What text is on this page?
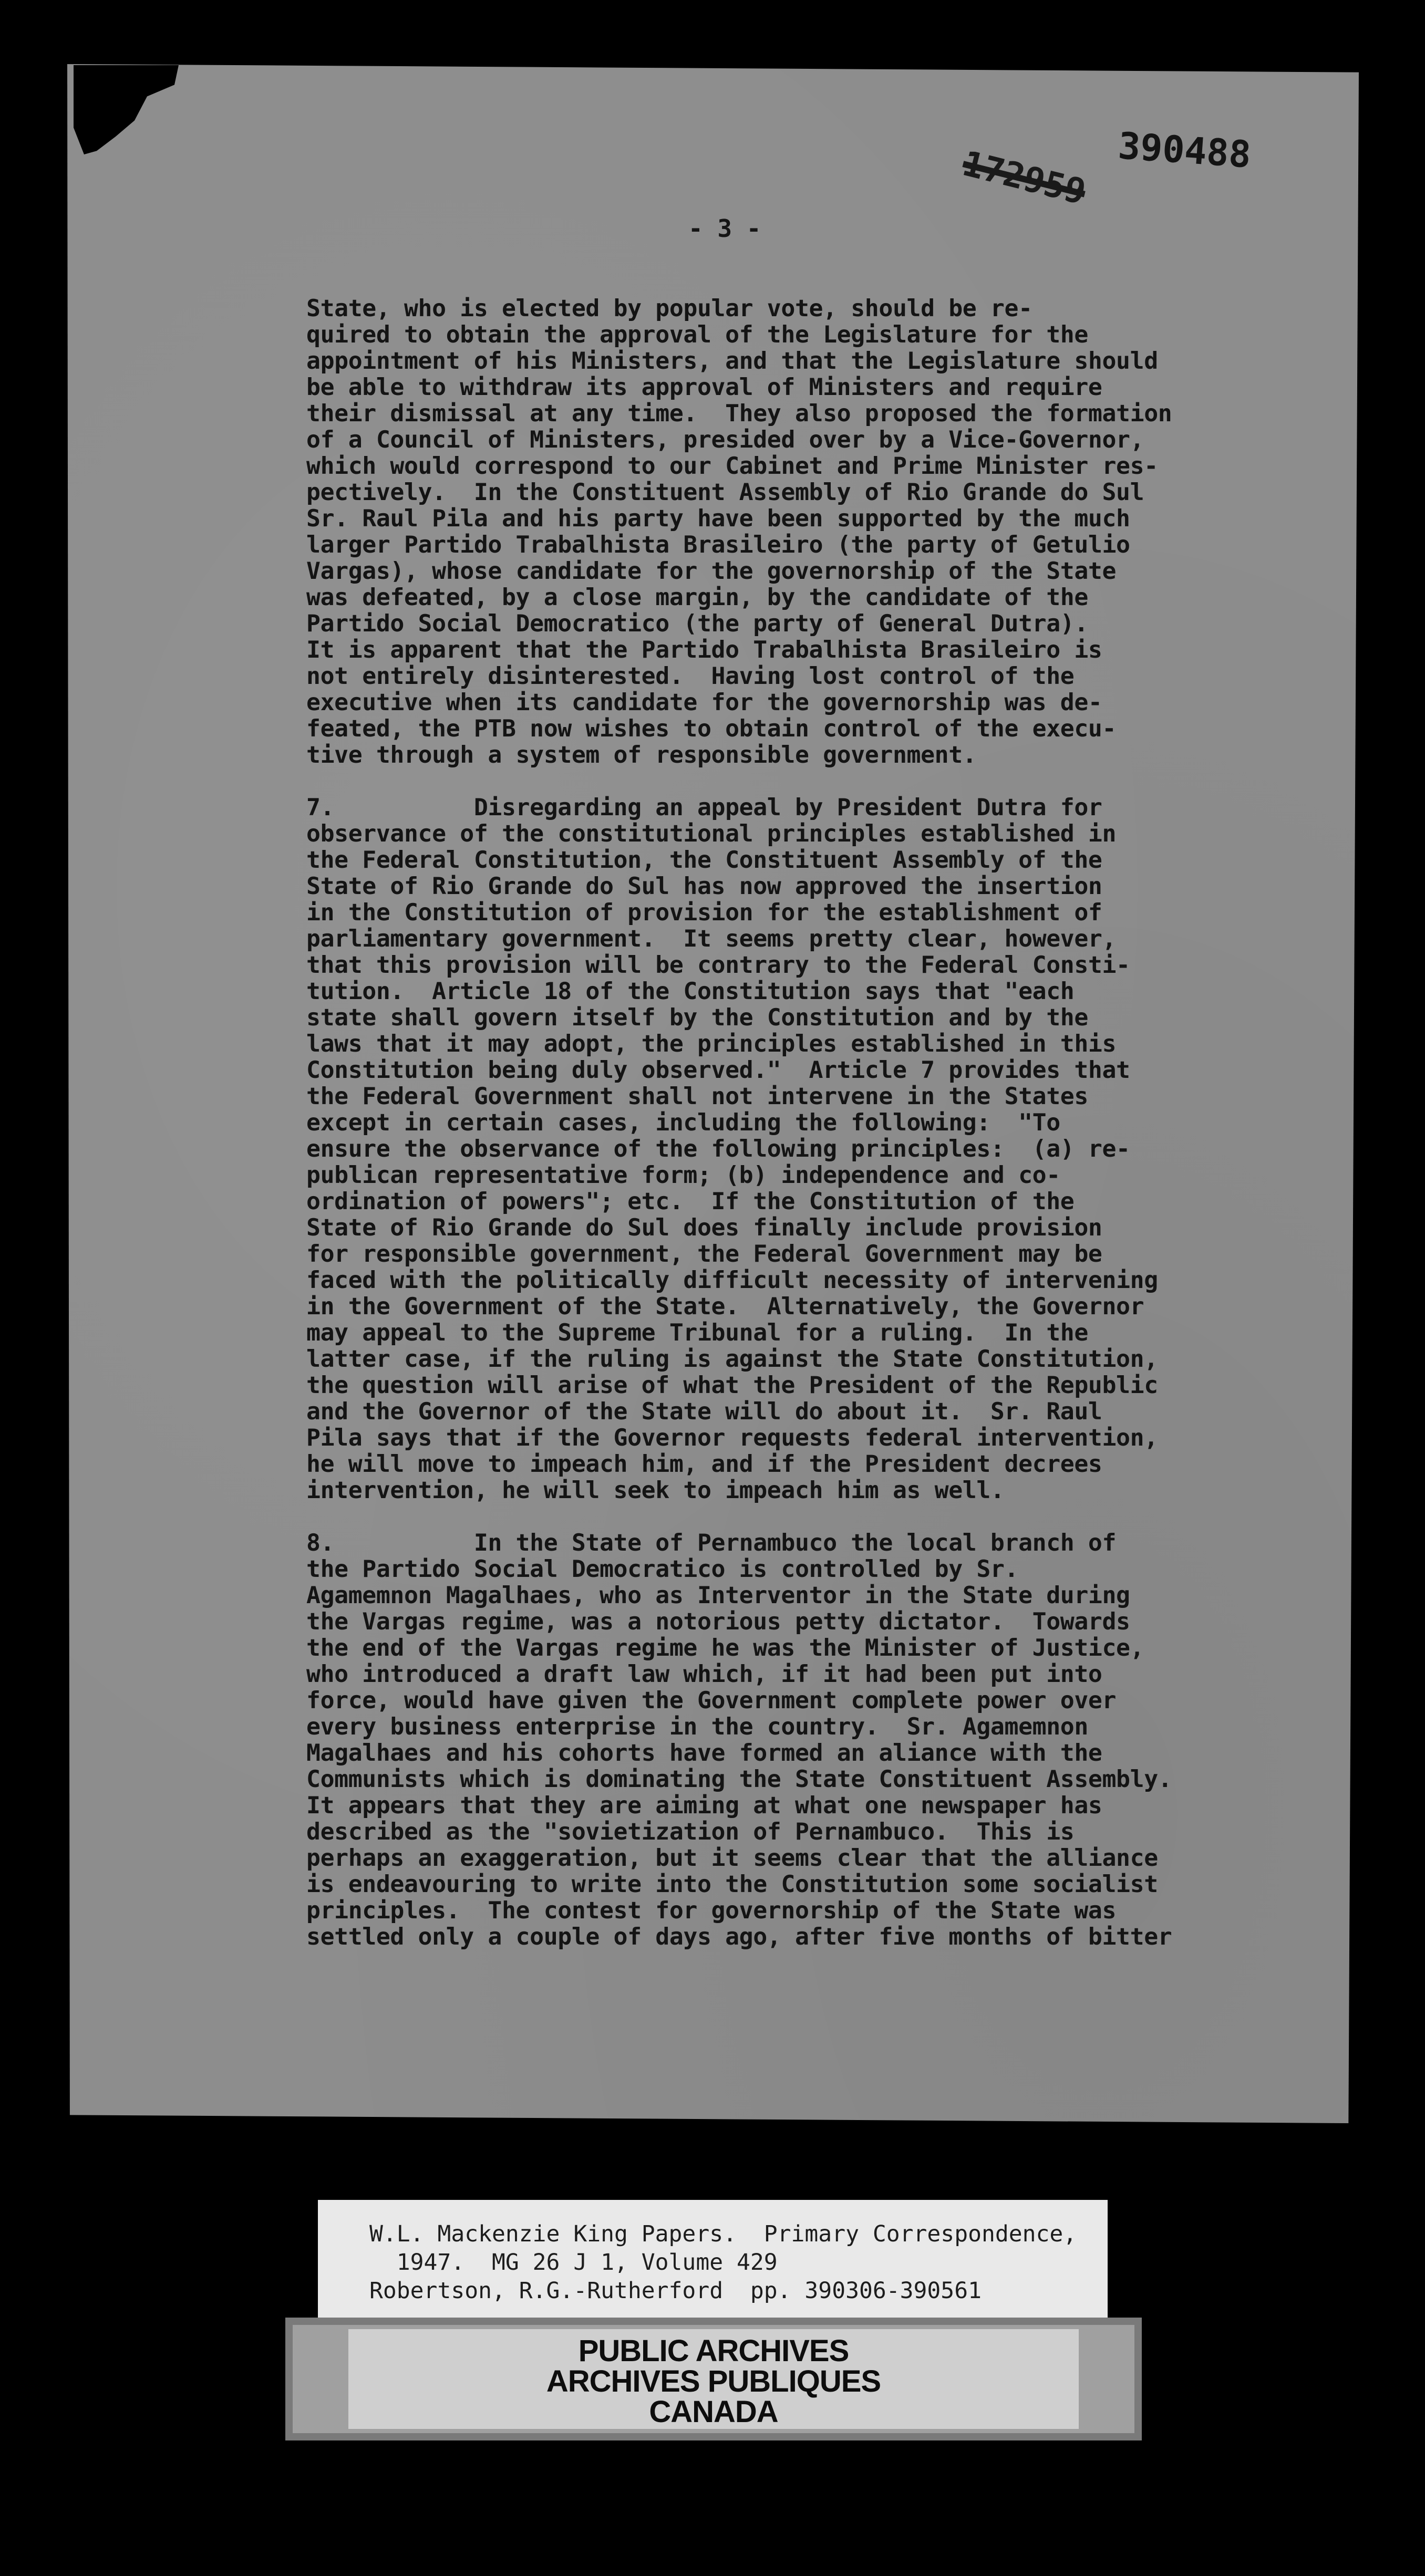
390488
172959
- 3 -
State, who is elected by popular vote, should be re-
quired to obtain the approval of the Legislature for the
appointment of his Ministers, and that the Legislature should
be able to withdraw its approval of Ministers and require
their dismissal at any time.  They also proposed the formation
of a Council of Ministers, presided over by a Vice-Governor,
which would correspond to our Cabinet and Prime Minister res-
pectively.  In the Constituent Assembly of Rio Grande do Sul
Sr. Raul Pila and his party have been supported by the much
larger Partido Trabalhista Brasileiro (the party of Getulio
Vargas), whose candidate for the governorship of the State
was defeated, by a close margin, by the candidate of the
Partido Social Democratico (the party of General Dutra).
It is apparent that the Partido Trabalhista Brasileiro is
not entirely disinterested.  Having lost control of the
executive when its candidate for the governorship was de-
feated, the PTB now wishes to obtain control of the execu-
tive through a system of responsible government.
7.          Disregarding an appeal by President Dutra for
observance of the constitutional principles established in
the Federal Constitution, the Constituent Assembly of the
State of Rio Grande do Sul has now approved the insertion
in the Constitution of provision for the establishment of
parliamentary government.  It seems pretty clear, however,
that this provision will be contrary to the Federal Consti-
tution.  Article 18 of the Constitution says that "each
state shall govern itself by the Constitution and by the
laws that it may adopt, the principles established in this
Constitution being duly observed."  Article 7 provides that
the Federal Government shall not intervene in the States
except in certain cases, including the following:  "To
ensure the observance of the following principles:  (a) re-
publican representative form; (b) independence and co-
ordination of powers"; etc.  If the Constitution of the
State of Rio Grande do Sul does finally include provision
for responsible government, the Federal Government may be
faced with the politically difficult necessity of intervening
in the Government of the State.  Alternatively, the Governor
may appeal to the Supreme Tribunal for a ruling.  In the
latter case, if the ruling is against the State Constitution,
the question will arise of what the President of the Republic
and the Governor of the State will do about it.  Sr. Raul
Pila says that if the Governor requests federal intervention,
he will move to impeach him, and if the President decrees
intervention, he will seek to impeach him as well.
8.          In the State of Pernambuco the local branch of
the Partido Social Democratico is controlled by Sr.
Agamemnon Magalhaes, who as Interventor in the State during
the Vargas regime, was a notorious petty dictator.  Towards
the end of the Vargas regime he was the Minister of Justice,
who introduced a draft law which, if it had been put into
force, would have given the Government complete power over
every business enterprise in the country.  Sr. Agamemnon
Magalhaes and his cohorts have formed an aliance with the
Communists which is dominating the State Constituent Assembly.
It appears that they are aiming at what one newspaper has
described as the "sovietization of Pernambuco.  This is
perhaps an exaggeration, but it seems clear that the alliance
is endeavouring to write into the Constitution some socialist
principles.  The contest for governorship of the State was
settled only a couple of days ago, after five months of bitter
W.L. Mackenzie King Papers.  Primary Correspondence,
1947.  MG 26 J 1, Volume 429
Robertson, R.G.-Rutherford  pp. 390306-390561
PUBLIC ARCHIVES
ARCHIVES PUBLIQUES
CANADA
